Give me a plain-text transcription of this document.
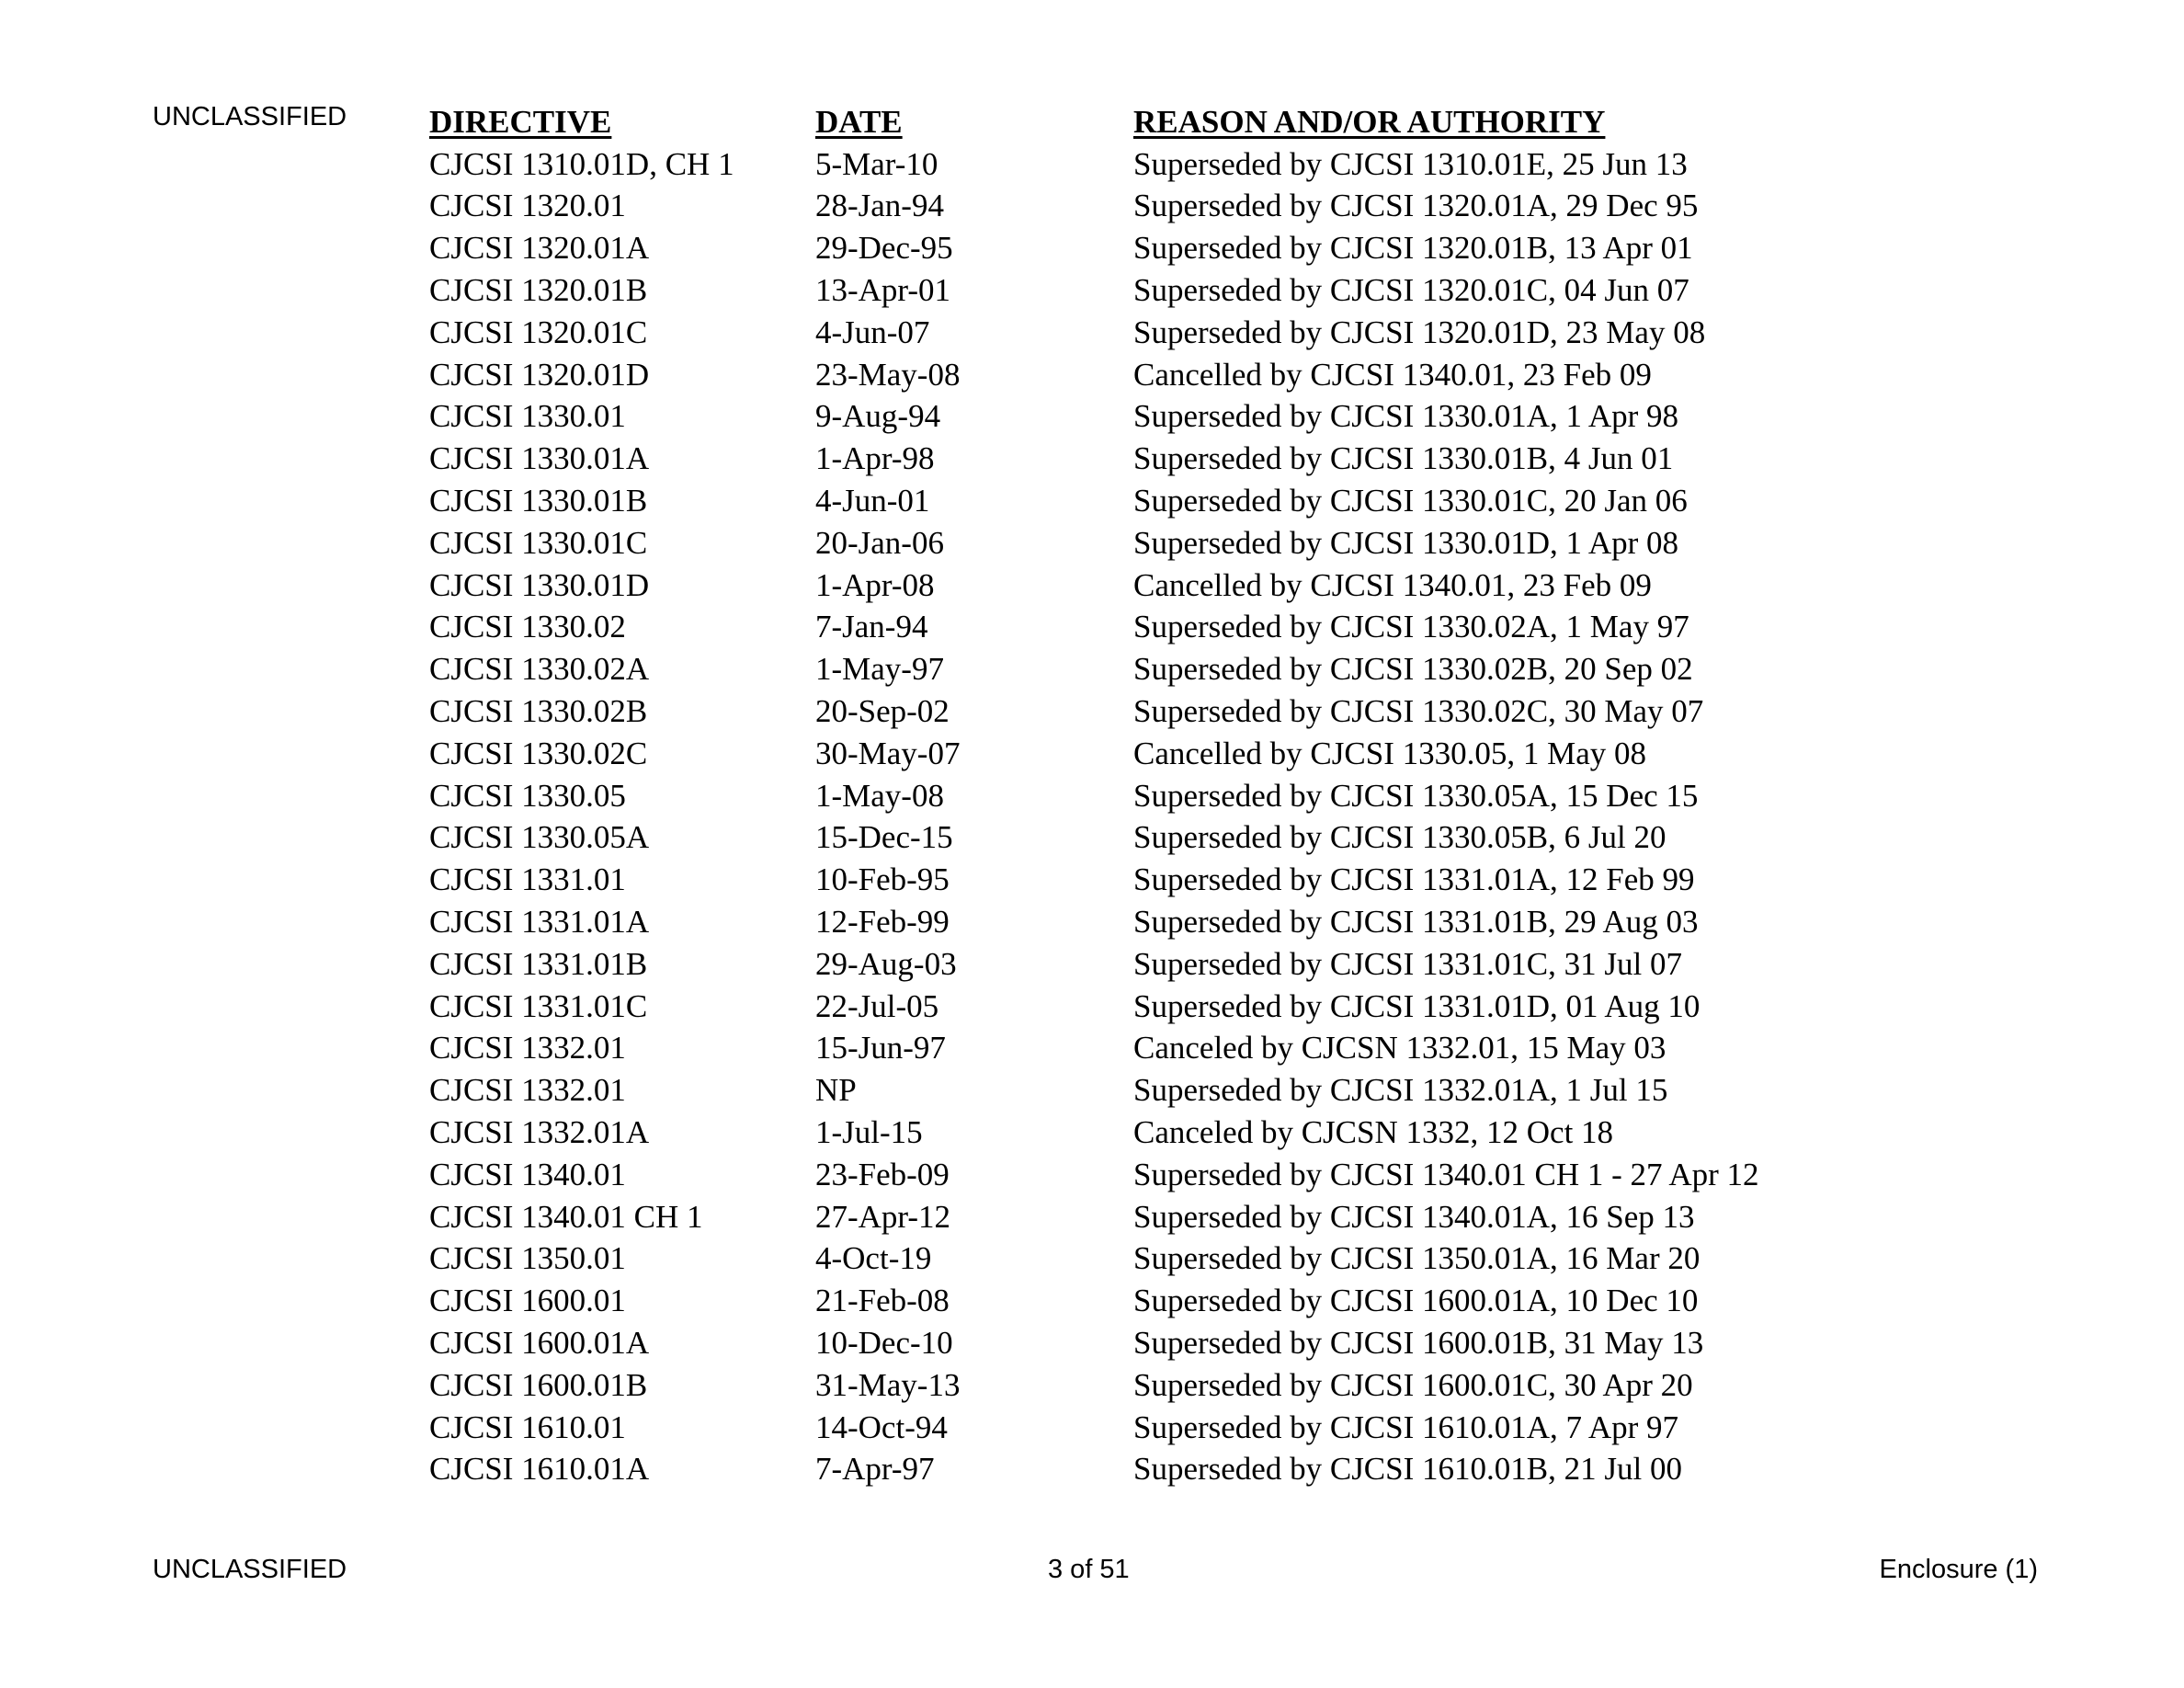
UNCLASSIFIED	DIRECTIVE	DATE	REASON AND/OR AUTHORITY
CJCSI 1310.01D, CH 1	5-Mar-10	Superseded by CJCSI 1310.01E, 25 Jun 13
CJCSI 1320.01	28-Jan-94	Superseded by CJCSI 1320.01A, 29 Dec 95
CJCSI 1320.01A	29-Dec-95	Superseded by CJCSI 1320.01B, 13 Apr 01
CJCSI 1320.01B	13-Apr-01	Superseded by CJCSI 1320.01C, 04 Jun 07
CJCSI 1320.01C	4-Jun-07	Superseded by CJCSI 1320.01D, 23 May 08
CJCSI 1320.01D	23-May-08	Cancelled by CJCSI 1340.01, 23 Feb 09
CJCSI 1330.01	9-Aug-94	Superseded by CJCSI 1330.01A, 1 Apr 98
CJCSI 1330.01A	1-Apr-98	Superseded by CJCSI 1330.01B, 4 Jun 01
CJCSI 1330.01B	4-Jun-01	Superseded by CJCSI 1330.01C, 20 Jan 06
CJCSI 1330.01C	20-Jan-06	Superseded by CJCSI 1330.01D, 1 Apr 08
CJCSI 1330.01D	1-Apr-08	Cancelled by CJCSI 1340.01, 23 Feb 09
CJCSI 1330.02	7-Jan-94	Superseded by CJCSI 1330.02A, 1 May 97
CJCSI 1330.02A	1-May-97	Superseded by CJCSI 1330.02B, 20 Sep 02
CJCSI 1330.02B	20-Sep-02	Superseded by CJCSI 1330.02C, 30 May 07
CJCSI 1330.02C	30-May-07	Cancelled by CJCSI 1330.05, 1 May 08
CJCSI 1330.05	1-May-08	Superseded by CJCSI 1330.05A, 15 Dec 15
CJCSI 1330.05A	15-Dec-15	Superseded by CJCSI 1330.05B, 6 Jul 20
CJCSI 1331.01	10-Feb-95	Superseded by CJCSI 1331.01A, 12 Feb 99
CJCSI 1331.01A	12-Feb-99	Superseded by CJCSI 1331.01B, 29 Aug 03
CJCSI 1331.01B	29-Aug-03	Superseded by CJCSI 1331.01C, 31 Jul 07
CJCSI 1331.01C	22-Jul-05	Superseded by CJCSI 1331.01D, 01 Aug 10
CJCSI 1332.01	15-Jun-97	Canceled by CJCSN 1332.01, 15 May 03
CJCSI 1332.01	NP	Superseded by CJCSI 1332.01A, 1 Jul 15
CJCSI 1332.01A	1-Jul-15	Canceled by CJCSN 1332, 12 Oct 18
CJCSI 1340.01	23-Feb-09	Superseded by CJCSI 1340.01 CH 1 - 27 Apr 12
CJCSI 1340.01 CH 1	27-Apr-12	Superseded by CJCSI 1340.01A, 16 Sep 13
CJCSI 1350.01	4-Oct-19	Superseded by CJCSI 1350.01A, 16 Mar 20
CJCSI 1600.01	21-Feb-08	Superseded by CJCSI 1600.01A, 10 Dec 10
CJCSI 1600.01A	10-Dec-10	Superseded by CJCSI 1600.01B, 31 May 13
CJCSI 1600.01B	31-May-13	Superseded by CJCSI 1600.01C, 30 Apr 20
CJCSI 1610.01	14-Oct-94	Superseded by CJCSI 1610.01A, 7 Apr 97
CJCSI 1610.01A	7-Apr-97	Superseded by CJCSI 1610.01B, 21 Jul 00
UNCLASSIFIED	3 of 51	Enclosure (1)
